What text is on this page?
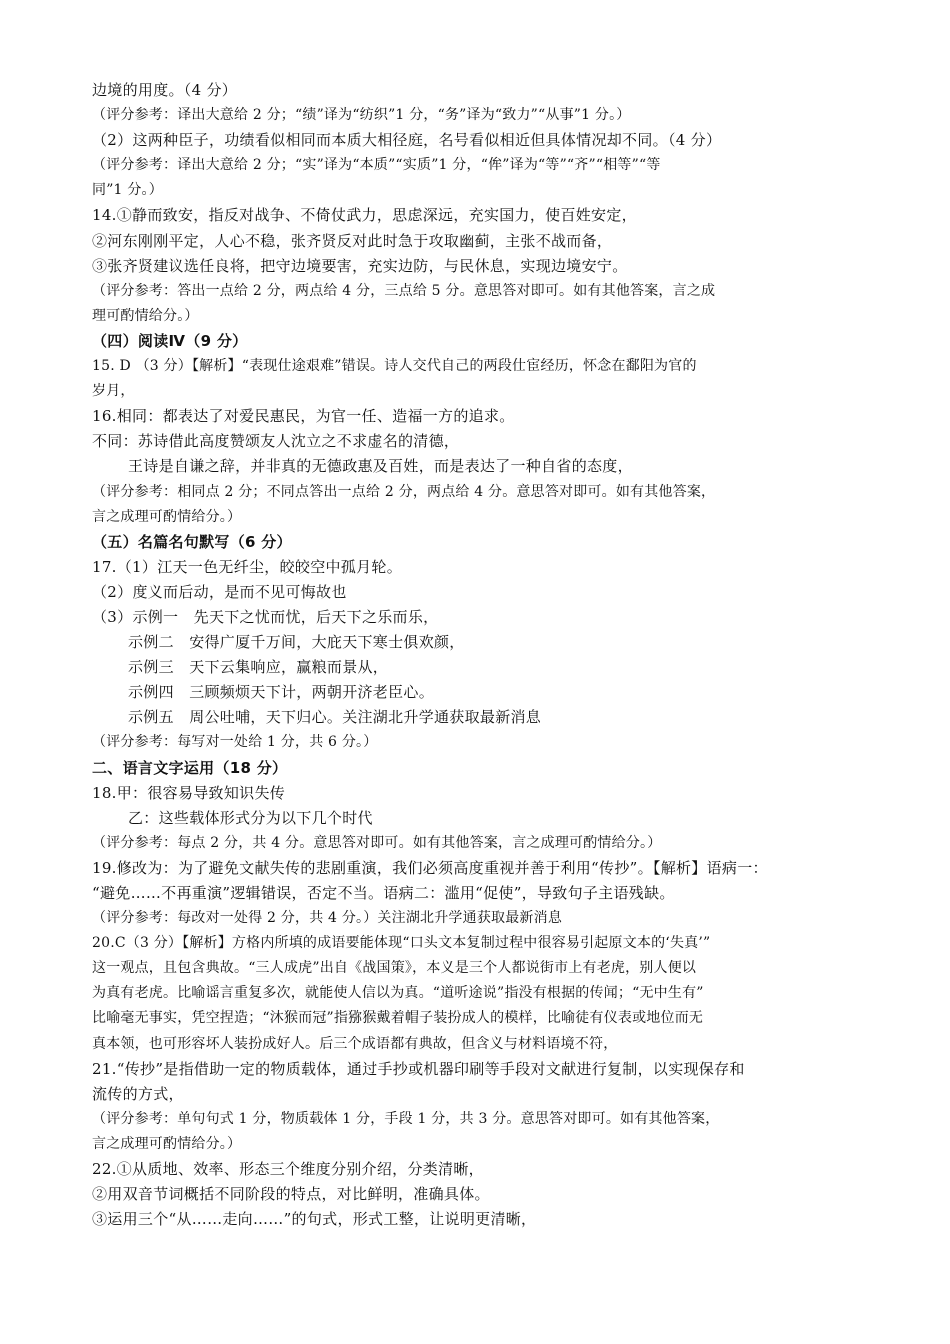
边境的用度。（4 分）
（评分参考：译出大意给 2 分；“绩”译为“纺织”1 分，“务”译为“致力”“从事”1 分。）
（2）这两种臣子，功绩看似相同而本质大相径庭，名号看似相近但具体情况却不同。（4 分）
（评分参考：译出大意给 2 分；“实”译为“本质”“实质”1 分，“侔”译为“等”“齐”“相等”“等
同”1 分。）
14.①静而致安，指反对战争、不倚仗武力，思虑深远，充实国力，使百姓安定，
②河东刚刚平定，人心不稳，张齐贤反对此时急于攻取幽蓟，主张不战而备，
③张齐贤建议选任良将，把守边境要害，充实边防，与民休息，实现边境安宁。
（评分参考：答出一点给 2 分，两点给 4 分，三点给 5 分。意思答对即可。如有其他答案，言之成
理可酌情给分。）
（四）阅读Ⅳ（9 分）
15. D （3 分）【解析】“表现仕途艰难”错误。诗人交代自己的两段仕宦经历，怀念在鄱阳为官的
岁月，
16.相同：都表达了对爱民惠民，为官一任、造福一方的追求。
不同：苏诗借此高度赞颂友人沈立之不求虚名的清德，
王诗是自谦之辞，并非真的无德政惠及百姓，而是表达了一种自省的态度，
（评分参考：相同点 2 分；不同点答出一点给 2 分，两点给 4 分。意思答对即可。如有其他答案，
言之成理可酌情给分。）
（五）名篇名句默写（6 分）
17.（1）江天一色无纤尘，皎皎空中孤月轮。
（2）度义而后动，是而不见可悔故也
（3）示例一　先天下之忧而忧，后天下之乐而乐，
示例二　安得广厦千万间，大庇天下寒士俱欢颜，
示例三　天下云集响应，赢粮而景从，
示例四　三顾频烦天下计，两朝开济老臣心。
示例五　周公吐哺，天下归心。关注湖北升学通获取最新消息
（评分参考：每写对一处给 1 分，共 6 分。）
二、语言文字运用（18 分）
18.甲：很容易导致知识失传
乙：这些载体形式分为以下几个时代
（评分参考：每点 2 分，共 4 分。意思答对即可。如有其他答案，言之成理可酌情给分。）
19.修改为：为了避免文献失传的悲剧重演，我们必须高度重视并善于利用“传抄”。【解析】语病一：
“避免……不再重演”逻辑错误，否定不当。语病二：滥用“促使”，导致句子主语残缺。
（评分参考：每改对一处得 2 分，共 4 分。）关注湖北升学通获取最新消息
20.C（3 分）【解析】方格内所填的成语要能体现“口头文本复制过程中很容易引起原文本的‘失真’”
这一观点，且包含典故。“三人成虎”出自《战国策》，本义是三个人都说街市上有老虎，别人便以
为真有老虎。比喻谣言重复多次，就能使人信以为真。“道听途说”指没有根据的传闻；“无中生有”
比喻毫无事实，凭空捏造；“沐猴而冠”指猕猴戴着帽子装扮成人的模样，比喻徒有仪表或地位而无
真本领，也可形容坏人装扮成好人。后三个成语都有典故，但含义与材料语境不符，
21.“传抄”是指借助一定的物质载体，通过手抄或机器印刷等手段对文献进行复制，以实现保存和
流传的方式，
（评分参考：单句句式 1 分，物质载体 1 分，手段 1 分，共 3 分。意思答对即可。如有其他答案，
言之成理可酌情给分。）
22.①从质地、效率、形态三个维度分别介绍，分类清晰，
②用双音节词概括不同阶段的特点，对比鲜明，准确具体。
③运用三个“从……走向……”的句式，形式工整，让说明更清晰，
